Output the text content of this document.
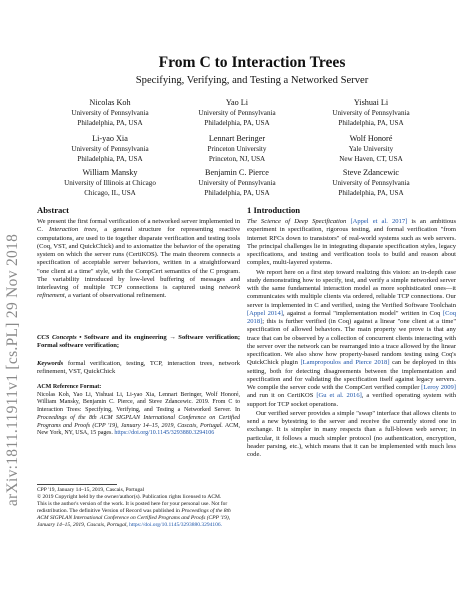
arXiv:1811.11911v1 [cs.PL] 29 Nov 2018
From C to Interaction Trees
Specifying, Verifying, and Testing a Networked Server
Nicolas Koh
University of Pennsylvania
Philadelphia, PA, USA
Yao Li
University of Pennsylvania
Philadelphia, PA, USA
Yishuai Li
University of Pennsylvania
Philadelphia, PA, USA
Li-yao Xia
University of Pennsylvania
Philadelphia, PA, USA
Lennart Beringer
Princeton University
Princeton, NJ, USA
Wolf Honoré
Yale University
New Haven, CT, USA
William Mansky
University of Illinois at Chicago
Chicago, IL, USA
Benjamin C. Pierce
University of Pennsylvania
Philadelphia, PA, USA
Steve Zdancewic
University of Pennsylvania
Philadelphia, PA, USA
Abstract
We present the first formal verification of a networked server implemented in C. Interaction trees, a general structure for representing reactive computations, are used to tie together disparate verification and testing tools (Coq, VST, and QuickChick) and to axiomatize the behavior of the operating system on which the server runs (CertiKOS). The main theorem connects a specification of acceptable server behaviors, written in a straightforward "one client at a time" style, with the CompCert semantics of the C program. The variability introduced by low-level buffering of messages and interleaving of multiple TCP connections is captured using network refinement, a variant of observational refinement.
CCS Concepts • Software and its engineering → Software verification; Formal software verification;
Keywords formal verification, testing, TCP, interaction trees, network refinement, VST, QuickChick
ACM Reference Format:
Nicolas Koh, Yao Li, Yishuai Li, Li-yao Xia, Lennart Beringer, Wolf Honoré, William Mansky, Benjamin C. Pierce, and Steve Zdancewic. 2019. From C to Interaction Trees: Specifying, Verifying, and Testing a Networked Server. In Proceedings of the 8th ACM SIGPLAN International Conference on Certified Programs and Proofs (CPP '19), January 14–15, 2019, Cascais, Portugal. ACM, New York, NY, USA, 15 pages. https://doi.org/10.1145/3293880.3294106
CPP '19, January 14–15, 2019, Cascais, Portugal
© 2019 Copyright held by the owner/author(s). Publication rights licensed to ACM.
This is the author's version of the work. It is posted here for your personal use. Not for redistribution. The definitive Version of Record was published in Proceedings of the 8th ACM SIGPLAN International Conference on Certified Programs and Proofs (CPP '19), January 14–15, 2019, Cascais, Portugal, https://doi.org/10.1145/3293880.3294106.
1 Introduction
The Science of Deep Specification [Appel et al. 2017] is an ambitious experiment in specification, rigorous testing, and formal verification "from internet RFCs down to transistors" of real-world systems such as web servers. The principal challenges lie in integrating disparate specification styles, legacy specifications, and testing and verification tools to build and reason about complex, multi-layered systems.
We report here on a first step toward realizing this vision: an in-depth case study demonstrating how to specify, test, and verify a simple networked server with the same fundamental interaction model as more sophisticated ones—it communicates with multiple clients via ordered, reliable TCP connections. Our server is implemented in C and verified, using the Verified Software Toolchain [Appel 2014], against a formal "implementation model" written in Coq [Coq 2018]; this is further verified (in Coq) against a linear "one client at a time" specification of allowed behaviors. The main property we prove is that any trace that can be observed by a collection of concurrent clients interacting with the server over the network can be rearranged into a trace allowed by the linear specification. We also show how property-based random testing using Coq's QuickChick plugin [Lampropoulos and Pierce 2018] can be deployed in this setting, both for detecting disagreements between the implementation and specification and for validating the specification itself against legacy servers. We compile the server code with the CompCert verified compiler [Leroy 2009] and run it on CertiKOS [Gu et al. 2016], a verified operating system with support for TCP socket operations.
Our verified server provides a simple "swap" interface that allows clients to send a new bytestring to the server and receive the currently stored one in exchange. It is simpler in many respects than a full-blown web server; in particular, it follows a much simpler protocol (no authentication, encryption, header parsing, etc.), which means that it can be implemented with much less code.
